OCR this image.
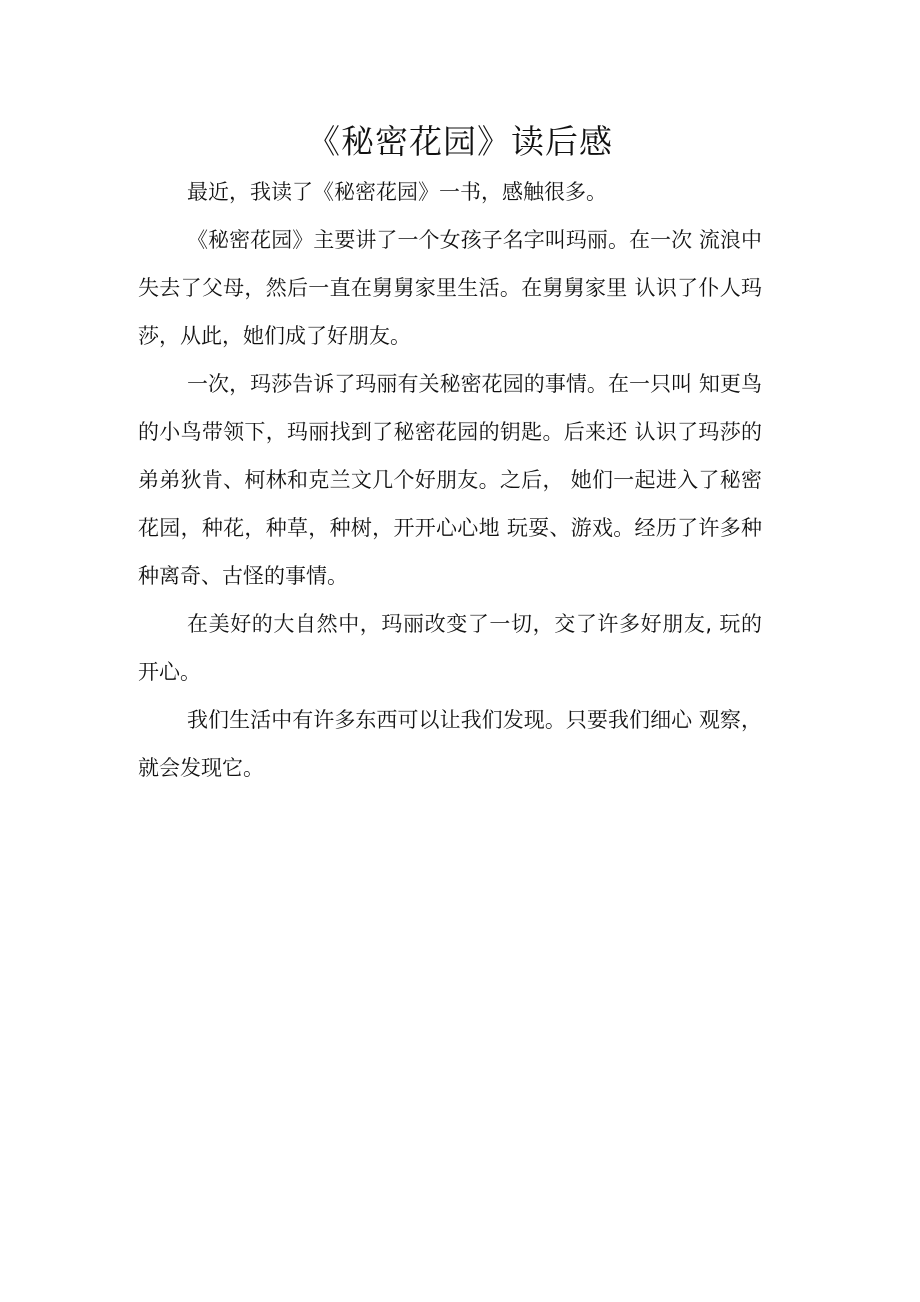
《秘密花园》读后感

最近，我读了《秘密花园》一书，感触很多。

《秘密花园》主要讲了一个女孩子名字叫玛丽。在一次 流浪中失去了父母，然后一直在舅舅家里生活。在舅舅家里 认识了仆人玛莎，从此，她们成了好朋友。

一次，玛莎告诉了玛丽有关秘密花园的事情。在一只叫 知更鸟的小鸟带领下，玛丽找到了秘密花园的钥匙。后来还 认识了玛莎的弟弟狄肯、柯林和克兰文几个好朋友。之后， 她们一起进入了秘密花园，种花，种草，种树，开开心心地 玩耍、游戏。经历了许多种种离奇、古怪的事情。

在美好的大自然中，玛丽改变了一切，交了许多好朋友, 玩的开心。

我们生活中有许多东西可以让我们发现。只要我们细心 观察，就会发现它。
